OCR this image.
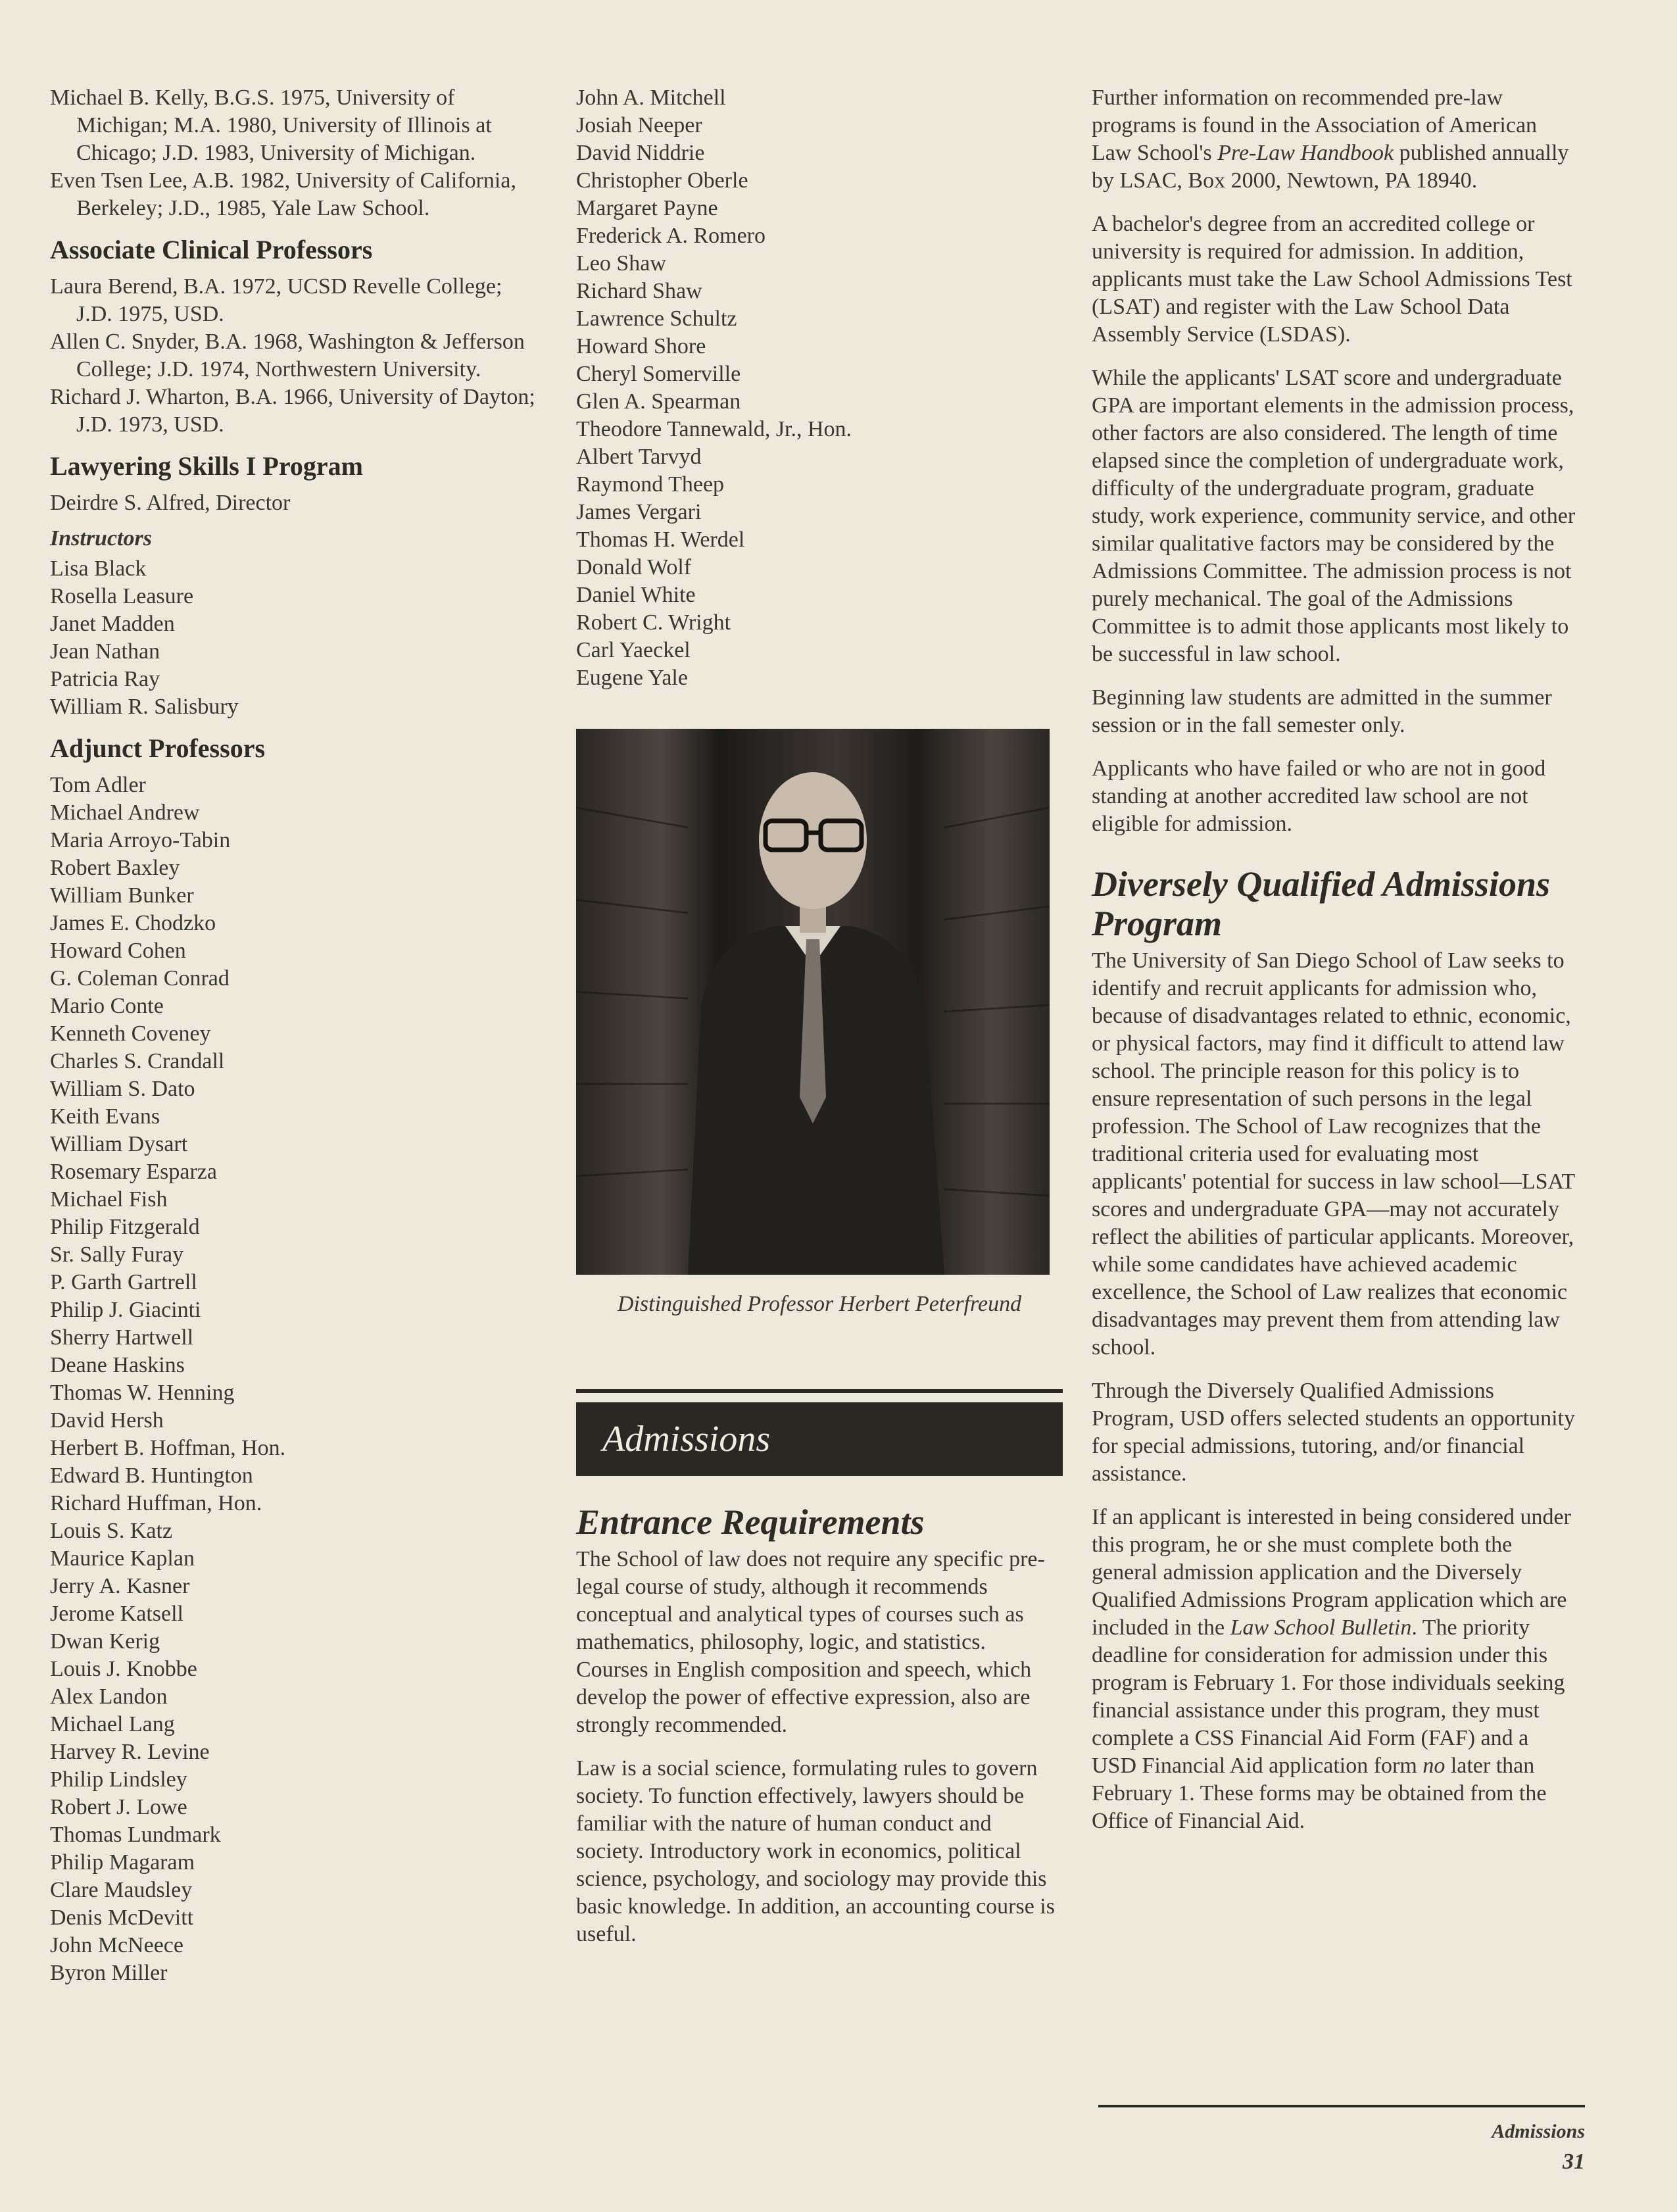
Michael B. Kelly, B.G.S. 1975, University of Michigan; M.A. 1980, University of Illinois at Chicago; J.D. 1983, University of Michigan.
Even Tsen Lee, A.B. 1982, University of California, Berkeley; J.D., 1985, Yale Law School.
Associate Clinical Professors
Laura Berend, B.A. 1972, UCSD Revelle College; J.D. 1975, USD.
Allen C. Snyder, B.A. 1968, Washington & Jefferson College; J.D. 1974, Northwestern University.
Richard J. Wharton, B.A. 1966, University of Dayton; J.D. 1973, USD.
Lawyering Skills I Program
Deirdre S. Alfred, Director
Instructors
Lisa Black
Rosella Leasure
Janet Madden
Jean Nathan
Patricia Ray
William R. Salisbury
Adjunct Professors
Tom Adler
Michael Andrew
Maria Arroyo-Tabin
Robert Baxley
William Bunker
James E. Chodzko
Howard Cohen
G. Coleman Conrad
Mario Conte
Kenneth Coveney
Charles S. Crandall
William S. Dato
Keith Evans
William Dysart
Rosemary Esparza
Michael Fish
Philip Fitzgerald
Sr. Sally Furay
P. Garth Gartrell
Philip J. Giacinti
Sherry Hartwell
Deane Haskins
Thomas W. Henning
David Hersh
Herbert B. Hoffman, Hon.
Edward B. Huntington
Richard Huffman, Hon.
Louis S. Katz
Maurice Kaplan
Jerry A. Kasner
Jerome Katsell
Dwan Kerig
Louis J. Knobbe
Alex Landon
Michael Lang
Harvey R. Levine
Philip Lindsley
Robert J. Lowe
Thomas Lundmark
Philip Magaram
Clare Maudsley
Denis McDevitt
John McNeece
Byron Miller
John A. Mitchell
Josiah Neeper
David Niddrie
Christopher Oberle
Margaret Payne
Frederick A. Romero
Leo Shaw
Richard Shaw
Lawrence Schultz
Howard Shore
Cheryl Somerville
Glen A. Spearman
Theodore Tannewald, Jr., Hon.
Albert Tarvyd
Raymond Theep
James Vergari
Thomas H. Werdel
Donald Wolf
Daniel White
Robert C. Wright
Carl Yaeckel
Eugene Yale
Distinguished Professor Herbert Peterfreund
Admissions
Entrance Requirements

The School of law does not require any specific pre-legal course of study, although it recommends conceptual and analytical types of courses such as mathematics, philosophy, logic, and statistics. Courses in English composition and speech, which develop the power of effective expression, also are strongly recommended.

Law is a social science, formulating rules to govern society. To function effectively, lawyers should be familiar with the nature of human conduct and society. Introductory work in economics, political science, psychology, and sociology may provide this basic knowledge. In addition, an accounting course is useful.

Further information on recommended pre-law programs is found in the Association of American Law School's Pre-Law Handbook published annually by LSAC, Box 2000, Newtown, PA 18940.

A bachelor's degree from an accredited college or university is required for admission. In addition, applicants must take the Law School Admissions Test (LSAT) and register with the Law School Data Assembly Service (LSDAS).

While the applicants' LSAT score and undergraduate GPA are important elements in the admission process, other factors are also considered. The length of time elapsed since the completion of undergraduate work, difficulty of the undergraduate program, graduate study, work experience, community service, and other similar qualitative factors may be considered by the Admissions Committee. The admission process is not purely mechanical. The goal of the Admissions Committee is to admit those applicants most likely to be successful in law school.

Beginning law students are admitted in the summer session or in the fall semester only.

Applicants who have failed or who are not in good standing at another accredited law school are not eligible for admission.

Diversely Qualified Admissions Program

The University of San Diego School of Law seeks to identify and recruit applicants for admission who, because of disadvantages related to ethnic, economic, or physical factors, may find it difficult to attend law school. The principle reason for this policy is to ensure representation of such persons in the legal profession. The School of Law recognizes that the traditional criteria used for evaluating most applicants' potential for success in law school—LSAT scores and undergraduate GPA—may not accurately reflect the abilities of particular applicants. Moreover, while some candidates have achieved academic excellence, the School of Law realizes that economic disadvantages may prevent them from attending law school.

Through the Diversely Qualified Admissions Program, USD offers selected students an opportunity for special admissions, tutoring, and/or financial assistance.

If an applicant is interested in being considered under this program, he or she must complete both the general admission application and the Diversely Qualified Admissions Program application which are included in the Law School Bulletin. The priority deadline for consideration for admission under this program is February 1. For those individuals seeking financial assistance under this program, they must complete a CSS Financial Aid Form (FAF) and a USD Financial Aid application form no later than February 1. These forms may be obtained from the Office of Financial Aid.

Admissions
31
